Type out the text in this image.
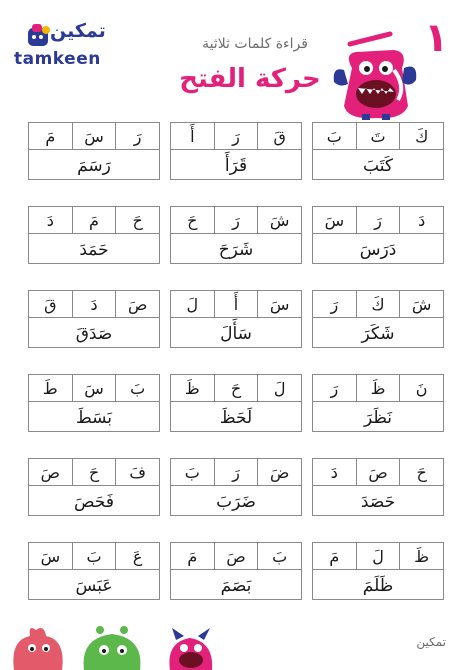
١
تمكين
tamkeen
قراءة كلمات ثلاثية
حركة الفتح
كَ
تَ
بَ
كَتَبَ
قَ
رَ
أَ
قَرَأَ
رَ
سَ
مَ
رَسَمَ
دَ
رَ
سَ
دَرَسَ
شَ
رَ
حَ
شَرَحَ
حَ
مَ
دَ
حَمَدَ
شَ
كَ
رَ
شَكَرَ
سَ
أَ
لَ
سَأَلَ
صَ
دَ
قَ
صَدَقَ
نَ
ظَ
رَ
نَظَرَ
لَ
حَ
ظَ
لَحَظَ
بَ
سَ
طَ
بَسَطَ
حَ
صَ
دَ
حَصَدَ
ضَ
رَ
بَ
ضَرَبَ
فَ
حَ
صَ
فَحَصَ
ظَ
لَ
مَ
ظَلَمَ
بَ
صَ
مَ
بَصَمَ
عَ
بَ
سَ
عَبَسَ
تمكين
